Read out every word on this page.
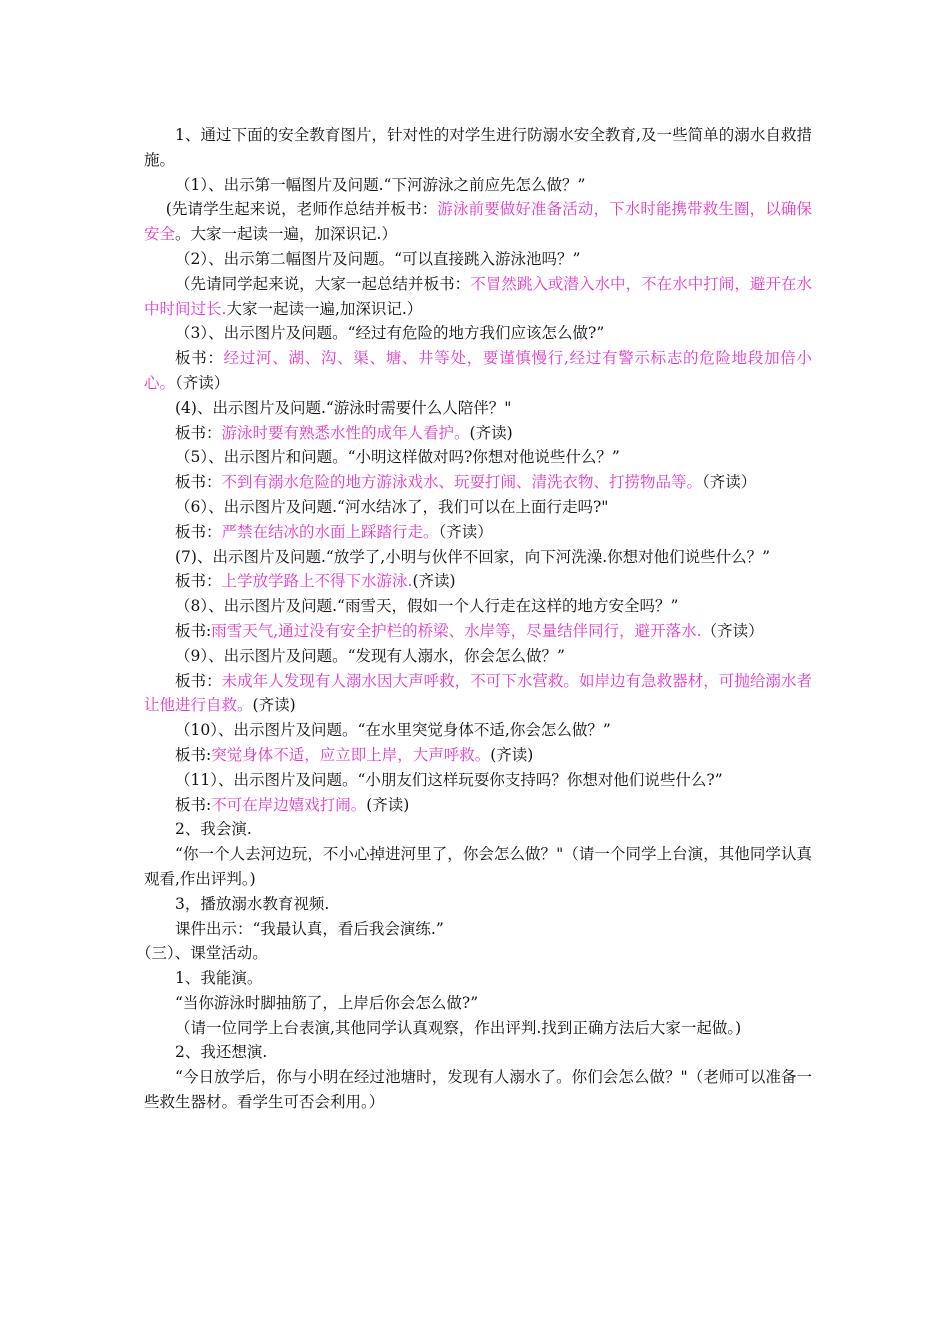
1、通过下面的安全教育图片，针对性的对学生进行防溺水安全教育,及一些简单的溺水自救措施。

（1）、出示第一幅图片及问题.“下河游泳之前应先怎么做？”

(先请学生起来说，老师作总结并板书：游泳前要做好准备活动，下水时能携带救生圈，以确保安全。大家一起读一遍，加深识记.）

（2）、出示第二幅图片及问题。“可以直接跳入游泳池吗？”

（先请同学起来说，大家一起总结并板书：不冒然跳入或潜入水中，不在水中打闹，避开在水中时间过长.大家一起读一遍,加深识记.）

（3）、出示图片及问题。“经过有危险的地方我们应该怎么做?”

板书：经过河、湖、沟、渠、塘、井等处，要谨慎慢行,经过有警示标志的危险地段加倍小心。（齐读）

(4)、出示图片及问题.“游泳时需要什么人陪伴？"

板书：游泳时要有熟悉水性的成年人看护。(齐读)

（5）、出示图片和问题。“小明这样做对吗?你想对他说些什么？”

板书：不到有溺水危险的地方游泳戏水、玩耍打闹、清洗衣物、打捞物品等。（齐读）

（6）、出示图片及问题.“河水结冰了，我们可以在上面行走吗?"

板书：严禁在结冰的水面上踩踏行走。（齐读）

(7)、出示图片及问题.“放学了,小明与伙伴不回家，向下河洗澡.你想对他们说些什么？”

板书：上学放学路上不得下水游泳.(齐读)

（8）、出示图片及问题.“雨雪天，假如一个人行走在这样的地方安全吗？”

板书:雨雪天气,通过没有安全护栏的桥梁、水岸等，尽量结伴同行，避开落水.（齐读）

（9）、出示图片及问题。“发现有人溺水，你会怎么做？”

板书：未成年人发现有人溺水因大声呼救，不可下水营救。如岸边有急救器材，可抛给溺水者让他进行自救。(齐读)

（10）、出示图片及问题。“在水里突觉身体不适,你会怎么做？”

板书:突觉身体不适，应立即上岸，大声呼救。(齐读)

（11）、出示图片及问题。“小朋友们这样玩耍你支持吗？你想对他们说些什么?”

板书:不可在岸边嬉戏打闹。(齐读)

2、我会演.

“你一个人去河边玩，不小心掉进河里了，你会怎么做？"（请一个同学上台演，其他同学认真观看,作出评判。)

3，播放溺水教育视频.

课件出示：“我最认真，看后我会演练.”

（三）、课堂活动。

1、我能演。

“当你游泳时脚抽筋了，上岸后你会怎么做?”

（请一位同学上台表演,其他同学认真观察，作出评判.找到正确方法后大家一起做。)

2、我还想演.

“今日放学后，你与小明在经过池塘时，发现有人溺水了。你们会怎么做？"（老师可以准备一些救生器材。看学生可否会利用。）
